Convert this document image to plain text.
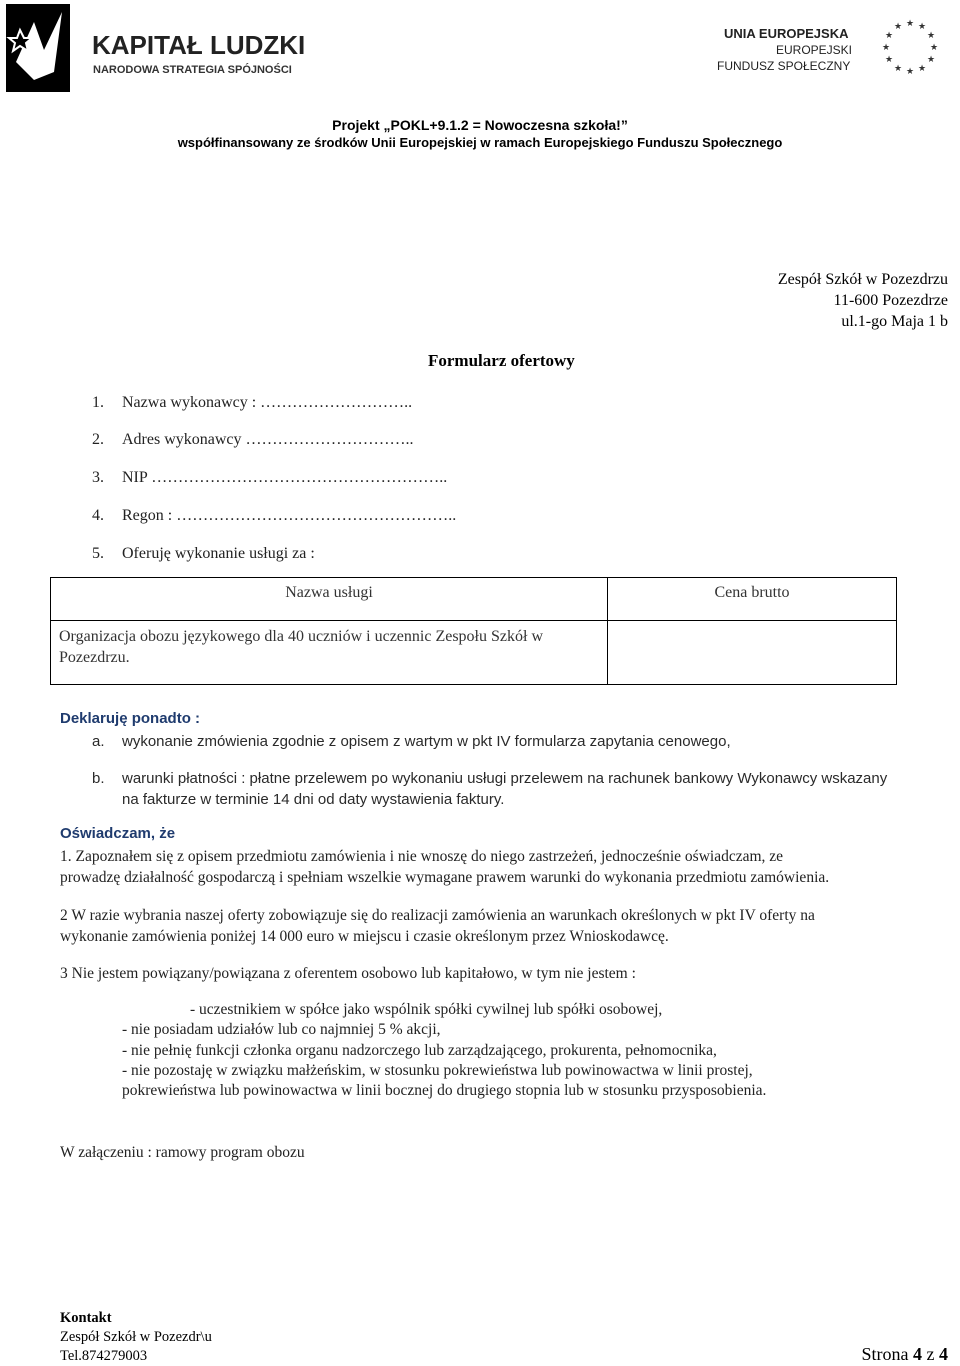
KAPITAŁ LUDZKI
NARODOWA STRATEGIA SPÓJNOŚCI
UNIA EUROPEJSKA
EUROPEJSKI
FUNDUSZ SPOŁECZNY
★ ★
★
★
★
★
★
★
★
★
★
★
Projekt „POKL+9.1.2 = Nowoczesna szkoła!”
współfinansowany ze środków Unii Europejskiej w ramach Europejskiego Funduszu Społecznego
Zespół Szkół w Pozezdrzu
11-600 Pozezdrze
ul.1-go Maja 1 b
Formularz ofertowy
1. Nazwa wykonawcy : ………………………..
2. Adres wykonawcy …………………………..
3. NIP ………………………………………………..
4. Regon : ……………………………………………..
5. Oferuję wykonanie usługi za :
Nazwa usługi	Cena brutto
Organizacja obozu językowego dla 40 uczniów i uczennic Zespołu Szkół w Pozezdrzu.	
Deklaruję ponadto :
a. wykonanie zmówienia zgodnie z opisem z wartym w pkt IV formularza zapytania cenowego,
b. warunki płatności : płatne przelewem po wykonaniu usługi przelewem na rachunek bankowy Wykonawcy wskazany
na fakturze w terminie 14 dni od daty wystawienia faktury.
Oświadczam, że
1. Zapoznałem się z opisem przedmiotu zamówienia i nie wnoszę do niego zastrzeżeń, jednocześnie oświadczam, ze
prowadzę działalność gospodarczą i spełniam wszelkie wymagane prawem warunki do wykonania przedmiotu zamówienia.
2 W razie wybrania naszej oferty zobowiązuje się do realizacji zamówienia an warunkach określonych w pkt IV oferty na
wykonanie zamówienia poniżej 14 000 euro w miejscu i czasie określonym przez Wnioskodawcę.
3 Nie jestem powiązany/powiązana z oferentem osobowo lub kapitałowo, w tym nie jestem :
- uczestnikiem w spółce jako wspólnik spółki cywilnej lub spółki osobowej,
- nie posiadam udziałów lub co najmniej 5 % akcji,
- nie pełnię funkcji członka organu nadzorczego lub zarządzającego, prokurenta, pełnomocnika,
- nie pozostaję w związku małżeńskim, w stosunku pokrewieństwa lub powinowactwa w linii prostej,
pokrewieństwa lub powinowactwa w linii bocznej do drugiego stopnia lub w stosunku przysposobienia.
W załączeniu : ramowy program obozu
Kontakt
Zespół Szkół w Pozezdr\u
Tel.874279003	Strona 4 z 4
